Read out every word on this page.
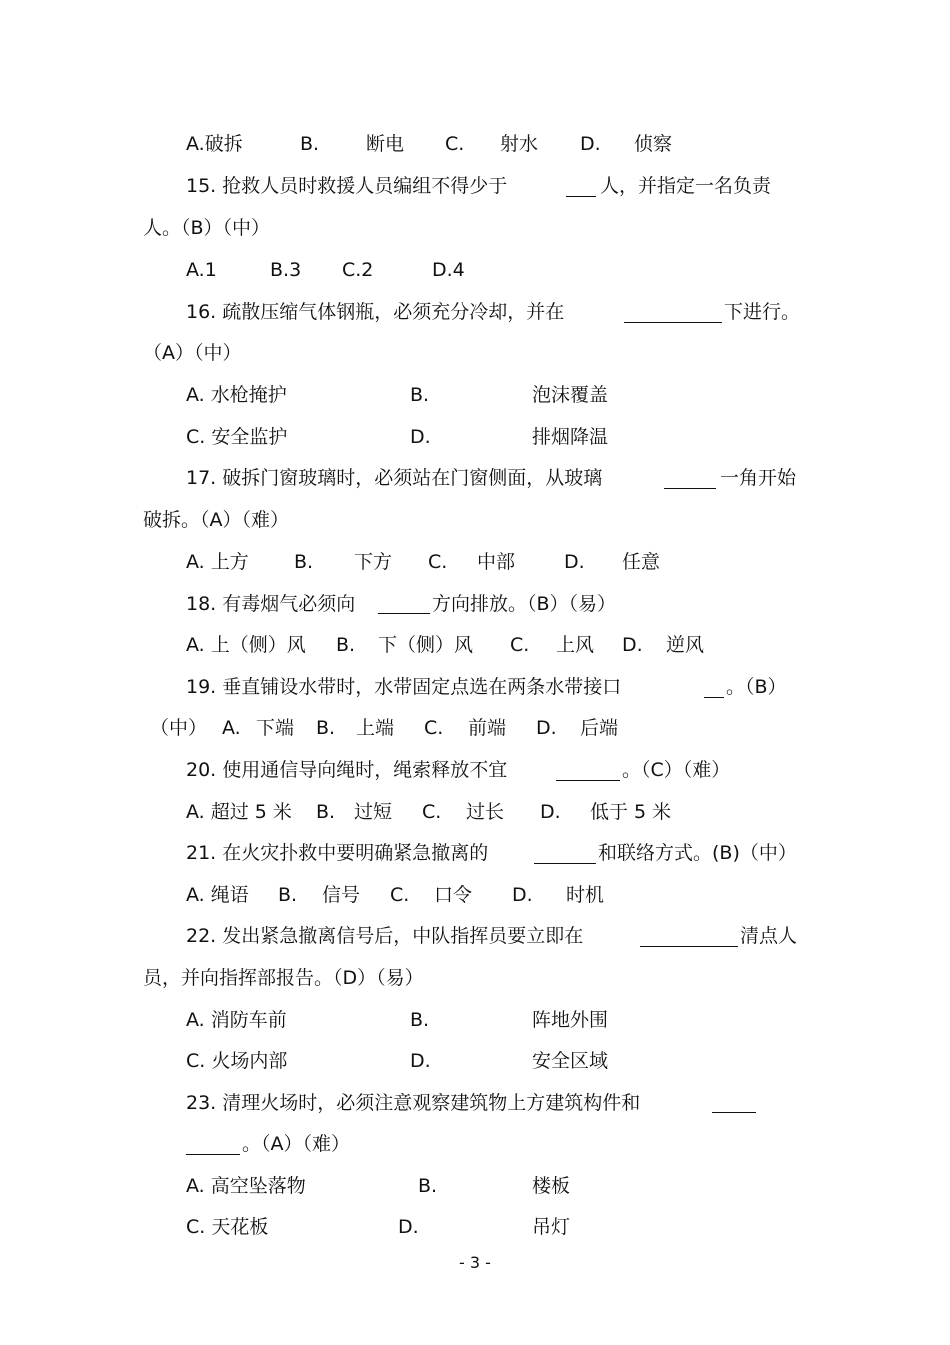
A.破拆	B. 断电 C. 射水 D. 侦察
15. 抢救人员时救援人员编组不得少于	人，并指定一名负责
人。（B）（中）
A.1	B.3 C.2	D.4
16. 疏散压缩气体钢瓶，必须充分冷却，并在	下进行。
（A）（中）
A. 水枪掩护	B.	泡沫覆盖
C. 安全监护	D.	排烟降温
17. 破拆门窗玻璃时，必须站在门窗侧面，从玻璃	一角开始
破拆。（A）（难）
A. 上方 B. 下方 C. 中部	D. 任意
18. 有毒烟气必须向	方向排放。（B）（易）
A. 上（侧）风 B. 下（侧）风 C. 上风 D. 逆风
19. 垂直铺设水带时，水带固定点选在两条水带接口	。（B）
（中） A. 下端 B. 上端 C. 前端 D. 后端
20. 使用通信导向绳时，绳索释放不宜	。（C）（难）
A. 超过 5 米 B. 过短 C. 过长 D. 低于 5 米
21. 在火灾扑救中要明确紧急撤离的	和联络方式。(B)（中）
A. 绳语 B. 信号 C. 口令 D. 时机
22. 发出紧急撤离信号后，中队指挥员要立即在	清点人
员，并向指挥部报告。（D）（易）
A. 消防车前	B.	阵地外围
C. 火场内部	D.	安全区域
23. 清理火场时，必须注意观察建筑物上方建筑构件和
。（A）（难）
A. 高空坠落物	B.	楼板
C. 天花板	D.	吊灯
- 3 -
